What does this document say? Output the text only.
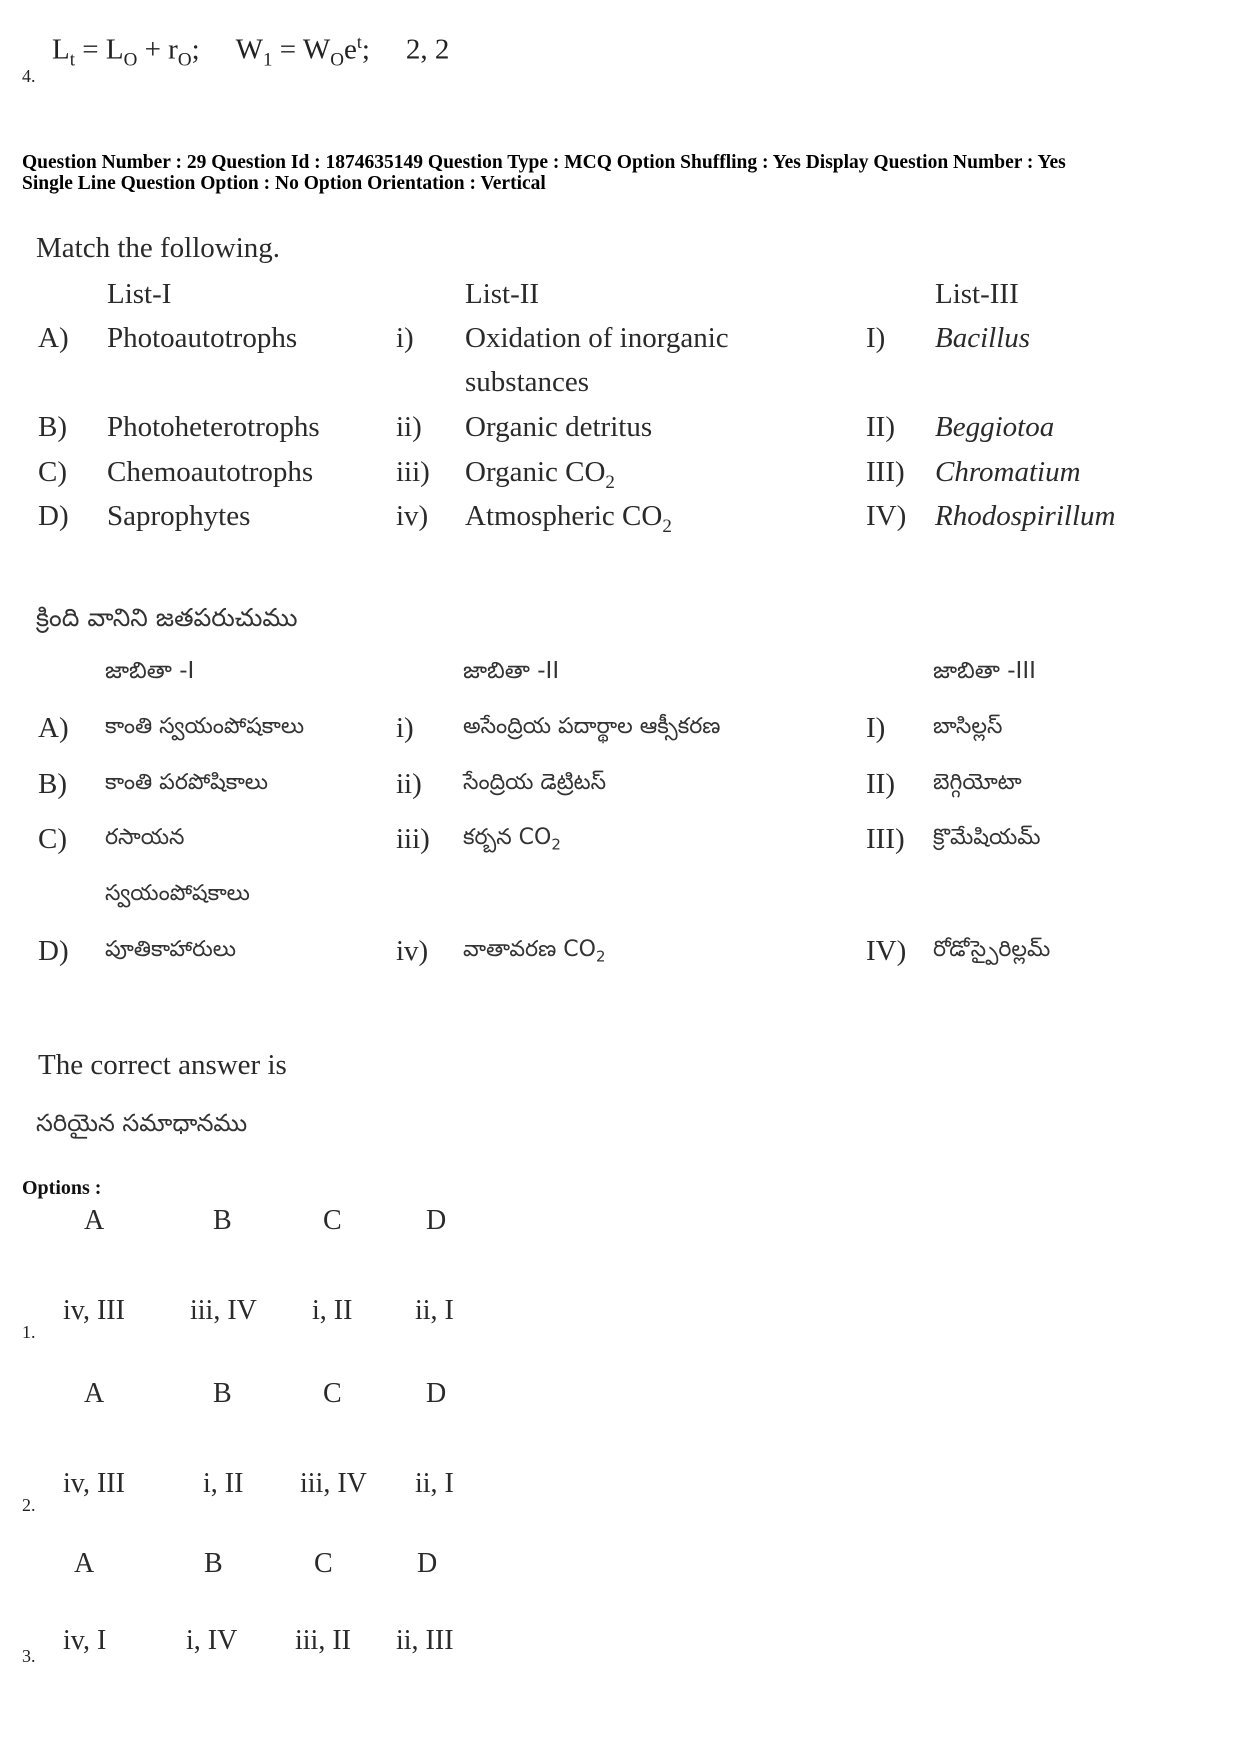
4.
$L_t = L_O + r_O$; $W_1 = W_Oe^t$; 2, 2
Question Number : 29 Question Id : 1874635149 Question Type : MCQ Option Shuffling : Yes Display Question Number : Yes
Single Line Question Option : No Option Orientation : Vertical
Match the following.
List-I	List-II	List-III
A) Photoautotrophs	i) Oxidation of inorganic	I) Bacillus
substances
B) Photoheterotrophs	ii) Organic detritus	II) Beggiotoa
C) Chemoautotrophs	iii) Organic $CO_2$	III) Chromatium
D) Saprophytes	iv) Atmospheric $CO_2$	IV) Rhodospirillum
క్రింది వానిని జతపరుచుము
జాబితా -I	జాబితా -II	జాబితా -III
A) కాంతి స్వయంపోషకాలు	i) అసేంద్రియ పదార్థాల ఆక్సీకరణ	I) బాసిల్లస్
B) కాంతి పరపోషికాలు	ii) సేంద్రియ డెట్రిటస్	II) బెగ్గియోటా
C) రసాయన	iii) కర్బన $CO_2$	III) క్రొమేషియమ్
స్వయంపోషకాలు
D) పూతికాహారులు	iv) వాతావరణ $CO_2$	IV) రోడోస్పైరిల్లమ్
The correct answer is
సరియైన సమాధానము
Options :
A	B	C	D
1.
iv, III iii, IV i, II ii, I
A	B	C	D
2.
iv, III	i, II iii, IV ii, I
A	B	C	D
3. iv, I	i, IV iii, II ii, III
